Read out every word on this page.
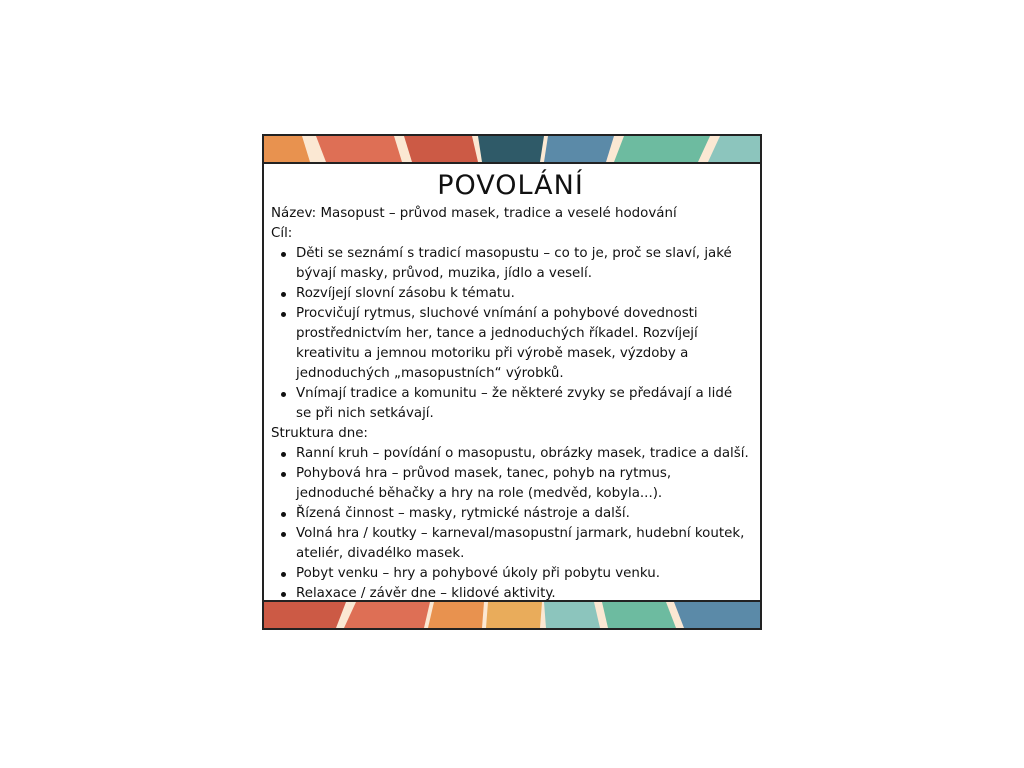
POVOLÁNÍ

Název: Masopust – průvod masek, tradice a veselé hodování

Cíl:

Děti se seznámí s tradicí masopustu – co to je, proč se slaví, jaké bývají masky, průvod, muzika, jídlo a veselí.
Rozvíjejí slovní zásobu k tématu.
Procvičují rytmus, sluchové vnímání a pohybové dovednosti prostřednictvím her, tance a jednoduchých říkadel. Rozvíjejí kreativitu a jemnou motoriku při výrobě masek, výzdoby a jednoduchých „masopustních“ výrobků.
Vnímají tradice a komunitu – že některé zvyky se předávají a lidé se při nich setkávají.

Struktura dne:

Ranní kruh – povídání o masopustu, obrázky masek, tradice a další.
Pohybová hra – průvod masek, tanec, pohyb na rytmus, jednoduché běhačky a hry na role (medvěd, kobyla...).
Řízená činnost – masky, rytmické nástroje a další.
Volná hra / koutky – karneval/masopustní jarmark, hudební koutek, ateliér, divadélko masek.
Pobyt venku – hry a pohybové úkoly při pobytu venku.
Relaxace / závěr dne – klidové aktivity.
